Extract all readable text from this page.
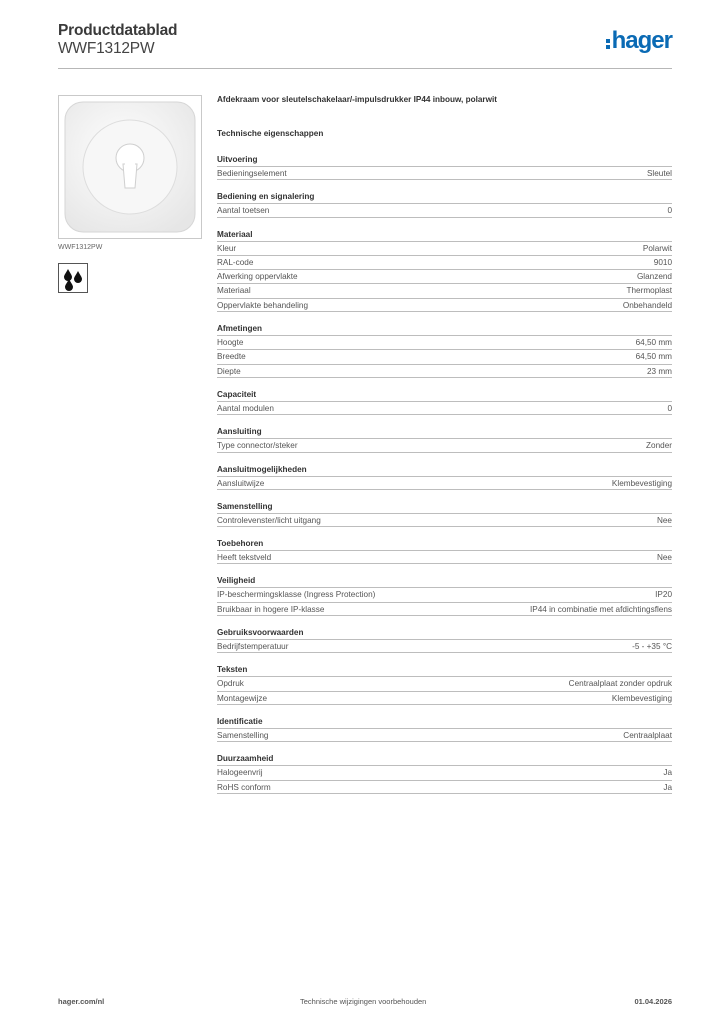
Productdatablad
WWF1312PW	hager
WWF1312PW
Afdekraam voor sleutelschakelaar/-impulsdrukker IP44 inbouw, polarwit
Technische eigenschappen
Uitvoering
Bedieningselement	Sleutel
Bediening en signalering
Aantal toetsen	0
Materiaal
Kleur	Polarwit
RAL-code	9010
Afwerking oppervlakte	Glanzend
Materiaal	Thermoplast
Oppervlakte behandeling	Onbehandeld
Afmetingen
Hoogte	64,50 mm
Breedte	64,50 mm
Diepte	23 mm
Capaciteit
Aantal modulen	0
Aansluiting
Type connector/steker	Zonder
Aansluitmogelijkheden
Aansluitwijze	Klembevestiging
Samenstelling
Controlevenster/licht uitgang	Nee
Toebehoren
Heeft tekstveld	Nee
Veiligheid
IP-beschermingsklasse (Ingress Protection)	IP20
Bruikbaar in hogere IP-klasse	IP44 in combinatie met afdichtingsflens
Gebruiksvoorwaarden
Bedrijfstemperatuur	-5 - +35 °C
Teksten
Opdruk	Centraalplaat zonder opdruk
Montagewijze	Klembevestiging
Identificatie
Samenstelling	Centraalplaat
Duurzaamheid
Halogeenvrij	Ja
RoHS conform	Ja
hager.com/nl	Technische wijzigingen voorbehouden	01.04.2026
